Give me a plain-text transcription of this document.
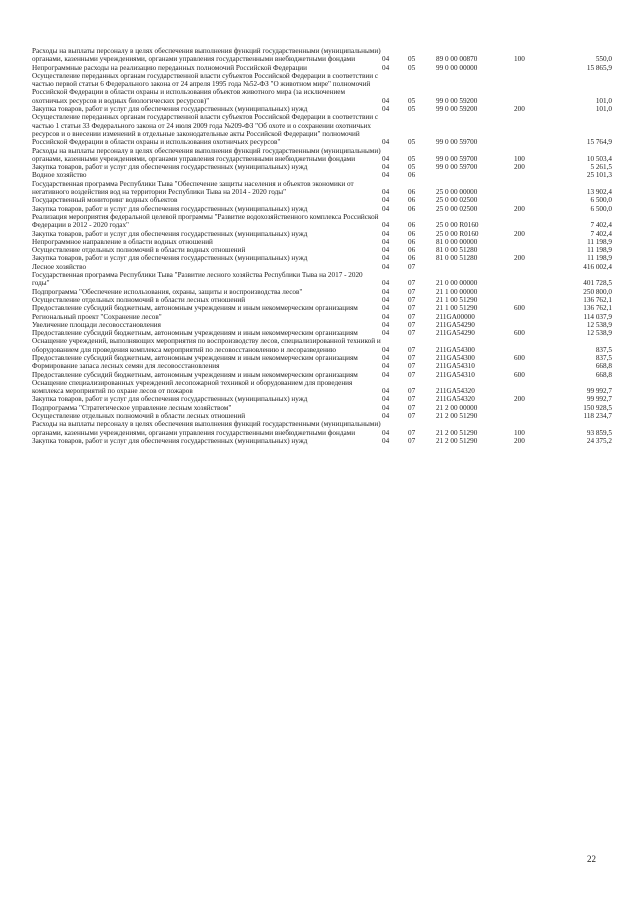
Расходы на выплаты персоналу в целях обеспечения выполнения функций государственными (муниципальными) органами, казенными учреждениями, органами управления государственными внебюджетными фондами	04	05	89 0 00 00870	100	550,0
Непрограммные расходы на реализацию переданных полномочий Российской Федерации	04	05	99 0 00 00000		15 865,9
Осуществление переданных органам государственной власти субъектов Российской Федерации в соответствии с частью первой статьи 6 Федерального закона от 24 апреля 1995 года №52-ФЗ "О животном мире" полномочий Российской Федерации в области охраны и использования объектов животного мира (за исключением охотничьих ресурсов и водных биологических ресурсов)"	04	05	99 0 00 59200		101,0
Закупка товаров, работ и услуг для обеспечения государственных (муниципальных) нужд	04	05	99 0 00 59200	200	101,0
Осуществление переданных органам государственной власти субъектов Российской Федерации в соответствии с частью 1 статьи 33 Федерального закона от 24 июля 2009 года №209-ФЗ "Об охоте и о сохранении охотничьих ресурсов и о внесении изменений в отдельные законодательные акты Российской Федерации" полномочий Российской Федерации в области охраны и использования охотничьих ресурсов"	04	05	99 0 00 59700		15 764,9
Расходы на выплаты персоналу в целях обеспечения выполнения функций государственными (муниципальными) органами, казенными учреждениями, органами управления государственными внебюджетными фондами	04	05	99 0 00 59700	100	10 503,4
Закупка товаров, работ и услуг для обеспечения государственных (муниципальных) нужд	04	05	99 0 00 59700	200	5 261,5
Водное хозяйство	04	06			25 101,3
Государственная программа Республики Тыва "Обеспечение защиты населения и объектов экономики от негативного воздействия вод на территории Республики Тыва на 2014 - 2020 годы"	04	06	25 0 00 00000		13 902,4
Государственный мониторинг водных объектов	04	06	25 0 00 02500		6 500,0
Закупка товаров, работ и услуг для обеспечения государственных (муниципальных) нужд	04	06	25 0 00 02500	200	6 500,0
Реализация мероприятия федеральной целевой программы "Развитие водохозяйственного комплекса Российской Федерации в 2012 - 2020 годах"	04	06	25 0 00 R0160		7 402,4
Закупка товаров, работ и услуг для обеспечения государственных (муниципальных) нужд	04	06	25 0 00 R0160	200	7 402,4
Непрограммное направление в области водных отношений	04	06	81 0 00 00000		11 198,9
Осуществление отдельных полномочий в области водных отношений	04	06	81 0 00 51280		11 198,9
Закупка товаров, работ и услуг для обеспечения государственных (муниципальных) нужд	04	06	81 0 00 51280	200	11 198,9
Лесное хозяйство	04	07			416 002,4
Государственная программа Республики Тыва "Развитие лесного хозяйства Республики Тыва на 2017 - 2020 годы"	04	07	21 0 00 00000		401 728,5
Подпрограмма "Обеспечение использования, охраны, защиты и воспроизводства лесов"	04	07	21 1 00 00000		250 800,0
Осуществление отдельных полномочий в области лесных отношений	04	07	21 1 00 51290		136 762,1
Предоставление субсидий бюджетным, автономным учреждениям и иным некоммерческим организациям	04	07	21 1 00 51290	600	136 762,1
Региональный проект "Сохранение лесов"	04	07	211GA00000		114 037,9
Увеличение площади лесовосстановления	04	07	211GA54290		12 538,9
Предоставление субсидий бюджетным, автономным учреждениям и иным некоммерческим организациям	04	07	211GA54290	600	12 538,9
Оснащение учреждений, выполняющих мероприятия по воспроизводству лесов, специализированной техникой и оборудованием для проведения комплекса мероприятий по лесовосстановлению и лесоразведению	04	07	211GA54300		837,5
Предоставление субсидий бюджетным, автономным учреждениям и иным некоммерческим организациям	04	07	211GA54300	600	837,5
Формирование запаса лесных семян для лесовосстановления	04	07	211GA54310		668,8
Предоставление субсидий бюджетным, автономным учреждениям и иным некоммерческим организациям	04	07	211GA54310	600	668,8
Оснащение специализированных учреждений лесопожарной техникой и оборудованием для проведения комплекса мероприятий по охране лесов от пожаров	04	07	211GA54320		99 992,7
Закупка товаров, работ и услуг для обеспечения государственных (муниципальных) нужд	04	07	211GA54320	200	99 992,7
Подпрограмма "Стратегическое управление лесным хозяйством"	04	07	21 2 00 00000		150 928,5
Осуществление отдельных полномочий в области лесных отношений	04	07	21 2 00 51290		118 234,7
Расходы на выплаты персоналу в целях обеспечения выполнения функций государственными (муниципальными) органами, казенными учреждениями, органами управления государственными внебюджетными фондами	04	07	21 2 00 51290	100	93 859,5
Закупка товаров, работ и услуг для обеспечения государственных (муниципальных) нужд	04	07	21 2 00 51290	200	24 375,2
22
